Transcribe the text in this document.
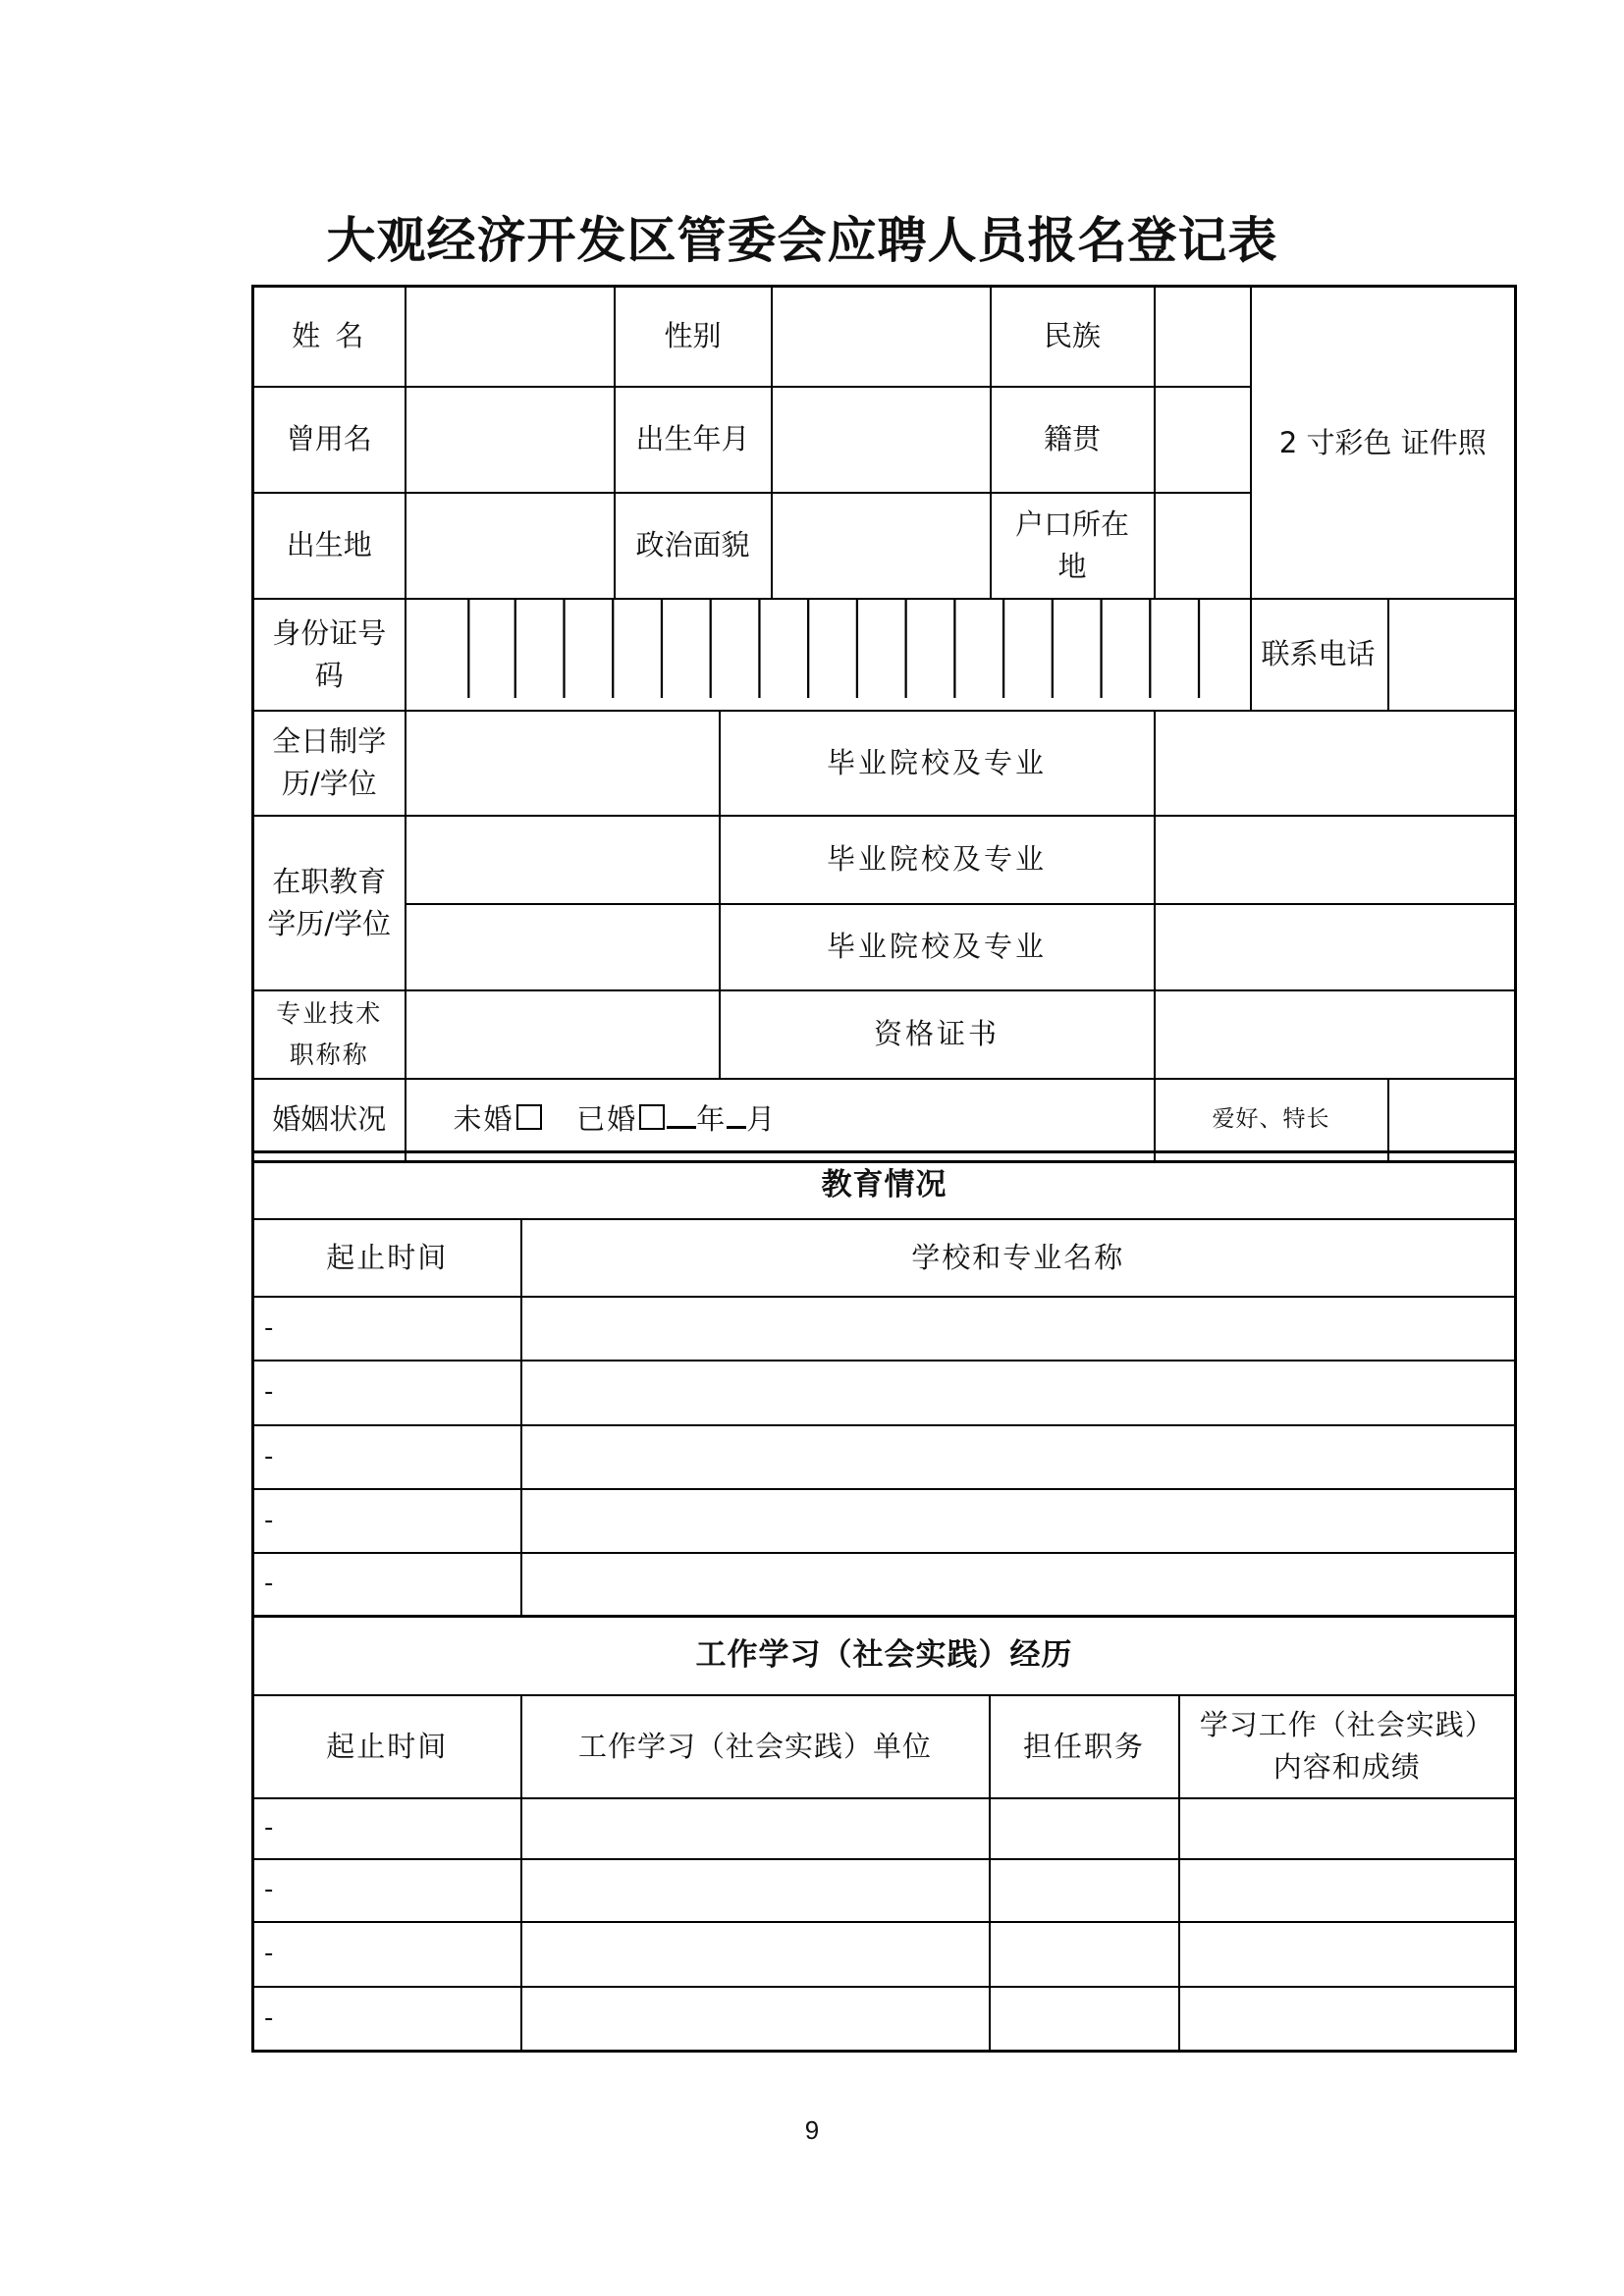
大观经济开发区管委会应聘人员报名登记表
姓 名		性别			民族		2 寸彩色 证件照	
曾用名		出生年月			籍贯			
出生地		政治面貌			户口所在地			
身份证号码							联系电话	
全日制学历/学位			毕业院校及专业					
在职教育学历/学位			毕业院校及专业					
			毕业院校及专业					
专业技术职称称			资格证书					
婚姻状况	未婚 已婚 年 月					爱好、特长		
教育情况	
起止时间	学校和专业名称
-	
-	
-	
-	
-	
工作学习（社会实践）经历			
起止时间	工作学习（社会实践）单位	担任职务	学习工作（社会实践）内容和成绩
-			
-			
-			
-			
9
